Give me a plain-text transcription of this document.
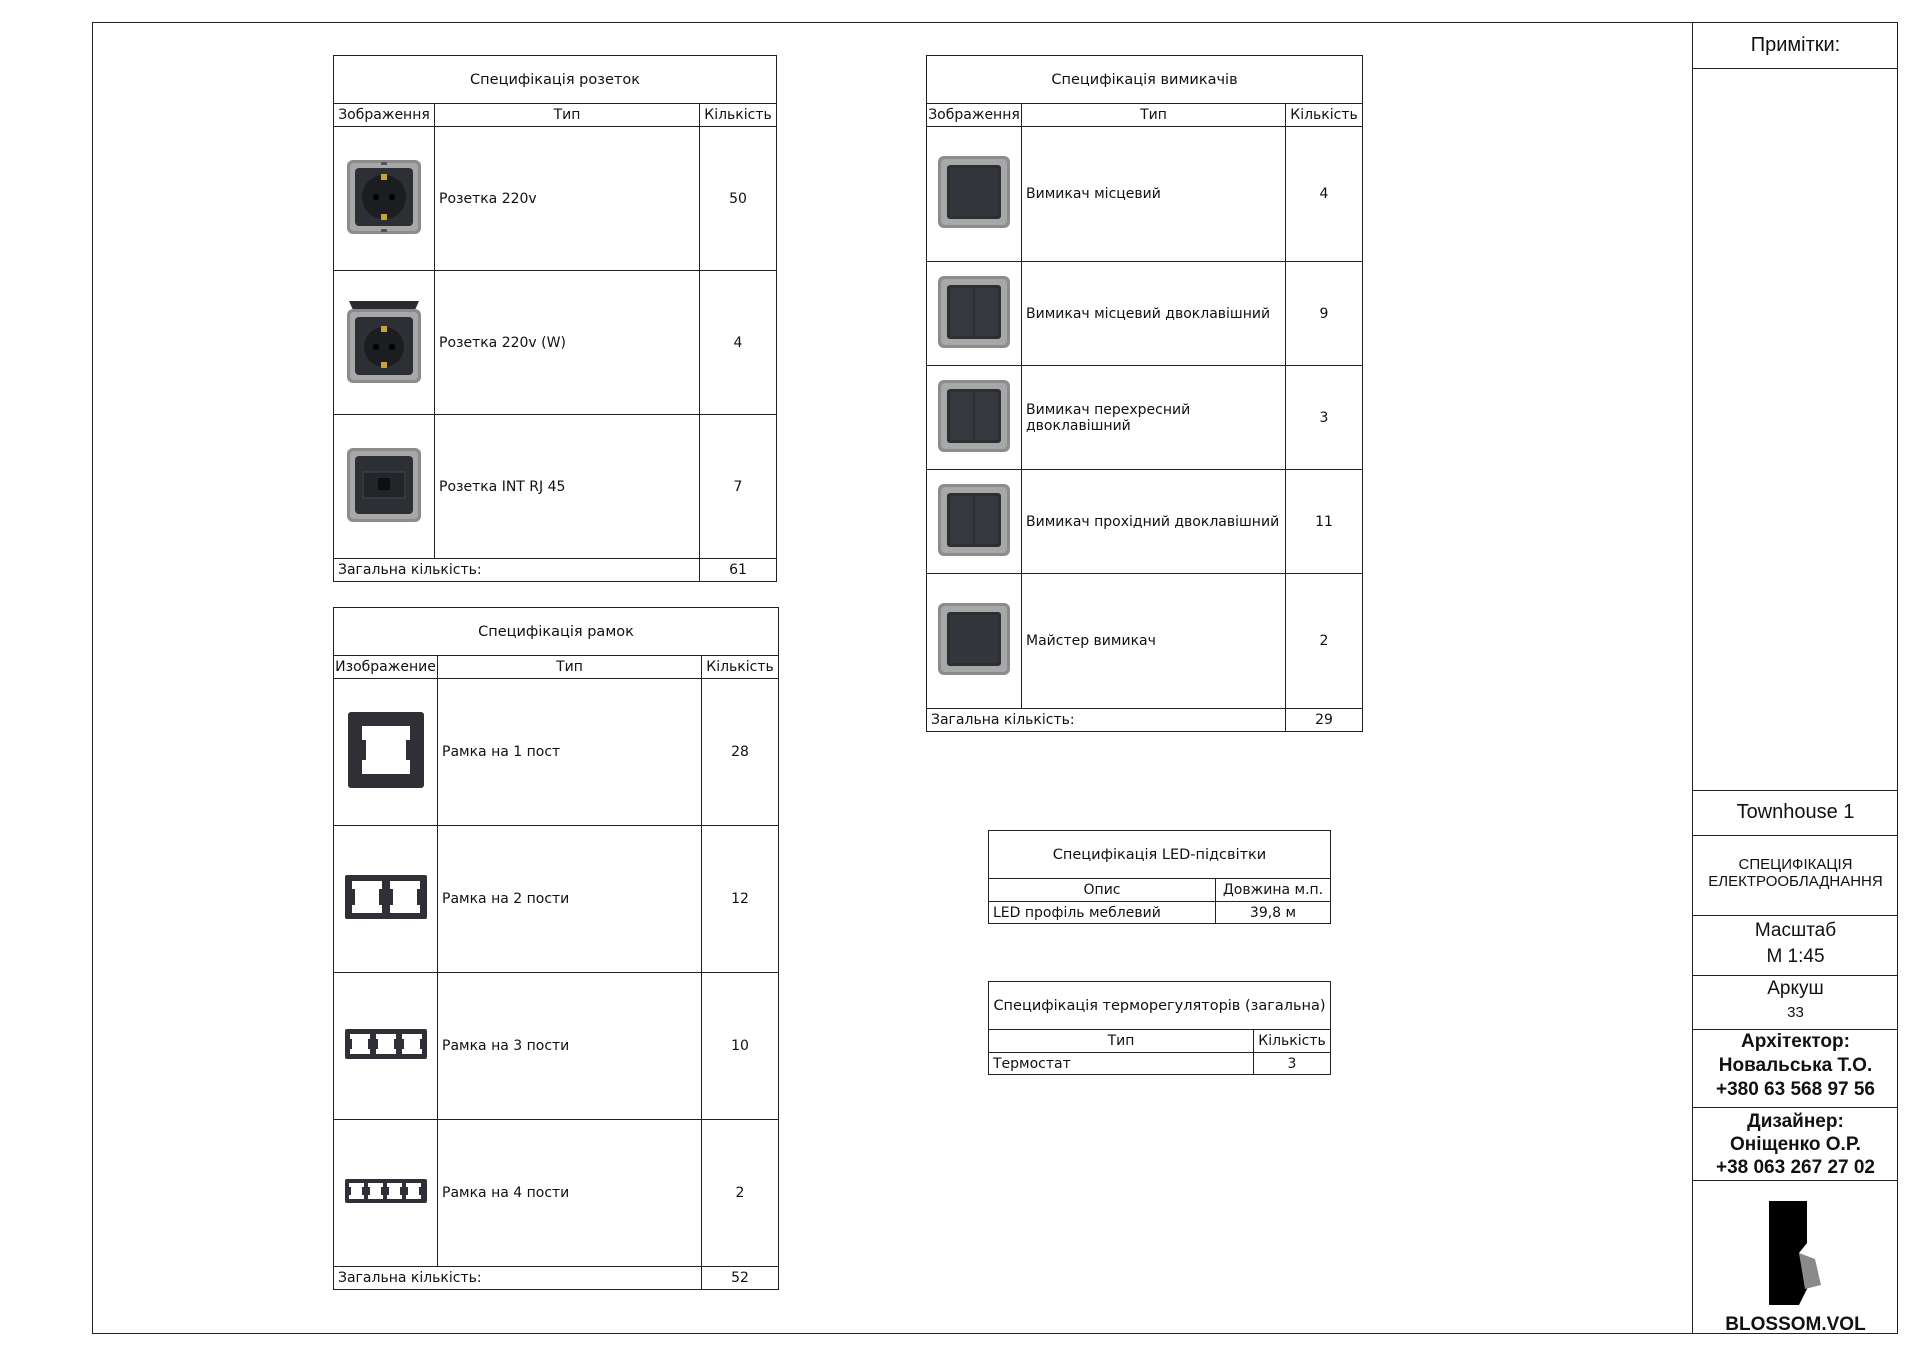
Специфікація розеток		
Зображення	Тип	Кількість
	Розетка 220v	50
	Розетка 220v (W)	4
	Розетка INT RJ 45	7
Загальна кількість:		61
Специфікація рамок		
Изображение	Тип	Кількість
	Рамка на 1 пост	28
	Рамка на 2 пости	12
	Рамка на 3 пости	10
	Рамка на 4 пости	2
Загальна кількість:		52
Специфікація вимикачів		
Зображення	Тип	Кількість
	Вимикач місцевий	4
	Вимикач місцевий двоклавішний	9
	Вимикач перехресний двоклавішний	3
	Вимикач прохідний двоклавішний	11
	Майстер вимикач	2
Загальна кількість:		29
Специфікація LED-підсвітки	
Опис	Довжина м.п.
LED профіль меблевий	39,8 м
Специфікація терморегуляторів (загальна)	
Тип	Кількість
Термостат	3
Примітки:
Townhouse 1
СПЕЦИФІКАЦІЯ
ЕЛЕКТРООБЛАДНАННЯ
Масштаб
М 1:45
Аркуш
33
Архітектор:
Новальська Т.О.
+380 63 568 97 56
Дизайнер:
Оніщенко О.Р.
+38 063 267 27 02
BLOSSOM.VOL
